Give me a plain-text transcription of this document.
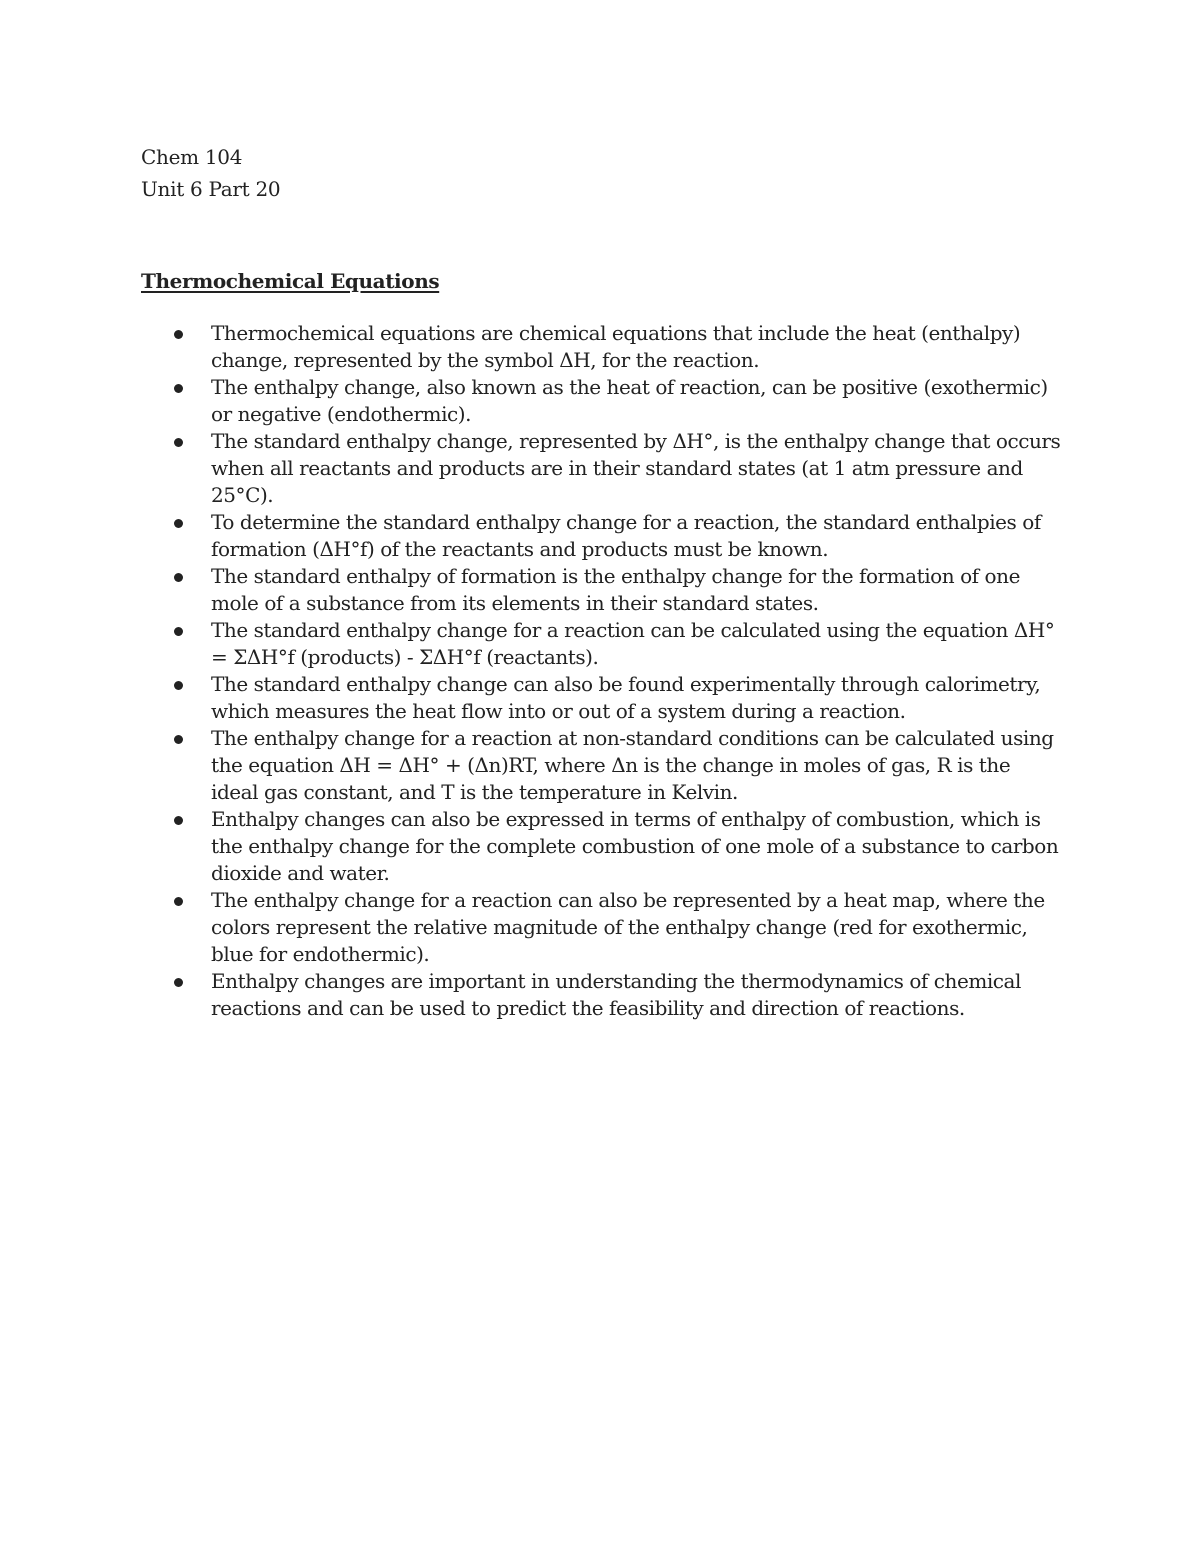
Chem 104
Unit 6 Part 20
Thermochemical Equations
Thermochemical equations are chemical equations that include the heat (enthalpy) change, represented by the symbol ΔH, for the reaction.
The enthalpy change, also known as the heat of reaction, can be positive (exothermic) or negative (endothermic).
The standard enthalpy change, represented by ΔH°, is the enthalpy change that occurs when all reactants and products are in their standard states (at 1 atm pressure and 25°C).
To determine the standard enthalpy change for a reaction, the standard enthalpies of formation (ΔH°f) of the reactants and products must be known.
The standard enthalpy of formation is the enthalpy change for the formation of one mole of a substance from its elements in their standard states.
The standard enthalpy change for a reaction can be calculated using the equation ΔH° = ΣΔH°f (products) - ΣΔH°f (reactants).
The standard enthalpy change can also be found experimentally through calorimetry, which measures the heat flow into or out of a system during a reaction.
The enthalpy change for a reaction at non-standard conditions can be calculated using the equation ΔH = ΔH° + (Δn)RT, where Δn is the change in moles of gas, R is the ideal gas constant, and T is the temperature in Kelvin.
Enthalpy changes can also be expressed in terms of enthalpy of combustion, which is the enthalpy change for the complete combustion of one mole of a substance to carbon dioxide and water.
The enthalpy change for a reaction can also be represented by a heat map, where the colors represent the relative magnitude of the enthalpy change (red for exothermic, blue for endothermic).
Enthalpy changes are important in understanding the thermodynamics of chemical reactions and can be used to predict the feasibility and direction of reactions.
